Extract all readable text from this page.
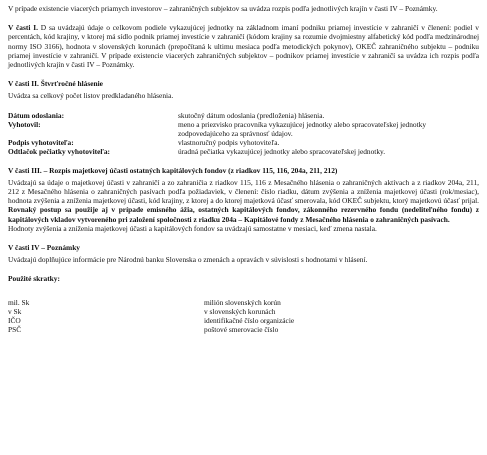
V prípade existencie viacerých priamych investorov – zahraničných subjektov sa uvádza rozpis podľa jednotlivých krajín v časti IV – Poznámky.

V časti I. D sa uvádzajú údaje o celkovom podiele vykazujúcej jednotky na základnom imaní podniku priamej investície v zahraničí v členení: podiel v percentách, kód krajiny, v ktorej má sídlo podnik priamej investície v zahraničí (kódom krajiny sa rozumie dvojmiestny alfabetický kód podľa medzinárodnej normy ISO 3166), hodnota v slovenských korunách (prepočítaná k ultimu mesiaca podľa metodických pokynov), OKEČ zahraničného subjektu – podniku priamej investície v zahraničí. V prípade existencie viacerých zahraničných subjektov – podnikov priamej investície v zahraničí sa uvádza ich rozpis podľa jednotlivých krajín v časti IV – Poznámky.

V časti II. Štvrťročné hlásenie

Uvádza sa celkový počet listov predkladaného hlásenia.

Dátum odoslania:	skutočný dátum odoslania (predloženia) hlásenia.
Vyhotovil:	meno a priezvisko pracovníka vykazujúcej jednotky alebo spracovateľskej jednotky zodpovedajúceho za správnosť údajov.
Podpis vyhotoviteľa:	vlastnoručný podpis vyhotoviteľa.
Odtlačok pečiatky vyhotoviteľa:	úradná pečiatka vykazujúcej jednotky alebo spracovateľskej jednotky.

V časti III. – Rozpis majetkovej účasti ostatných kapitálových fondov (z riadkov 115, 116, 204a, 211, 212)

Uvádzajú sa údaje o majetkovej účasti v zahraničí a zo zahraničia z riadkov 115, 116 z Mesačného hlásenia o zahraničných aktívach a z riadkov 204a, 211, 212 z Mesačného hlásenia o zahraničných pasívach podľa požiadaviek, v členení: číslo riadku, dátum zvýšenia a zníženia majetkovej účasti (rok/mesiac), hodnota zvýšenia a zníženia majetkovej účasti, kód krajiny, z ktorej a do ktorej majetková účasť smerovala, kód OKEČ subjektu, ktorý majetkovú účasť prijal. Rovnaký postup sa použije aj v prípade emisného ážia, ostatných kapitálových fondov, zákonného rezervného fondu (nedeliteľného fondu) z kapitálových vkladov vytvoreného pri založení spoločnosti z riadku 204a – Kapitálové fondy z Mesačného hlásenia o zahraničných pasívach.

Hodnoty zvýšenia a zníženia majetkovej účasti a kapitálových fondov sa uvádzajú samostatne v mesiaci, keď zmena nastala.

V časti IV – Poznámky

Uvádzajú doplňujúce informácie pre Národnú banku Slovenska o zmenách a opravách v súvislosti s hodnotami v hlásení.

Použité skratky:

mil. Sk	milión slovenských korún
v Sk	v slovenských korunách
IČO	identifikačné číslo organizácie
PSČ	poštové smerovacie číslo
